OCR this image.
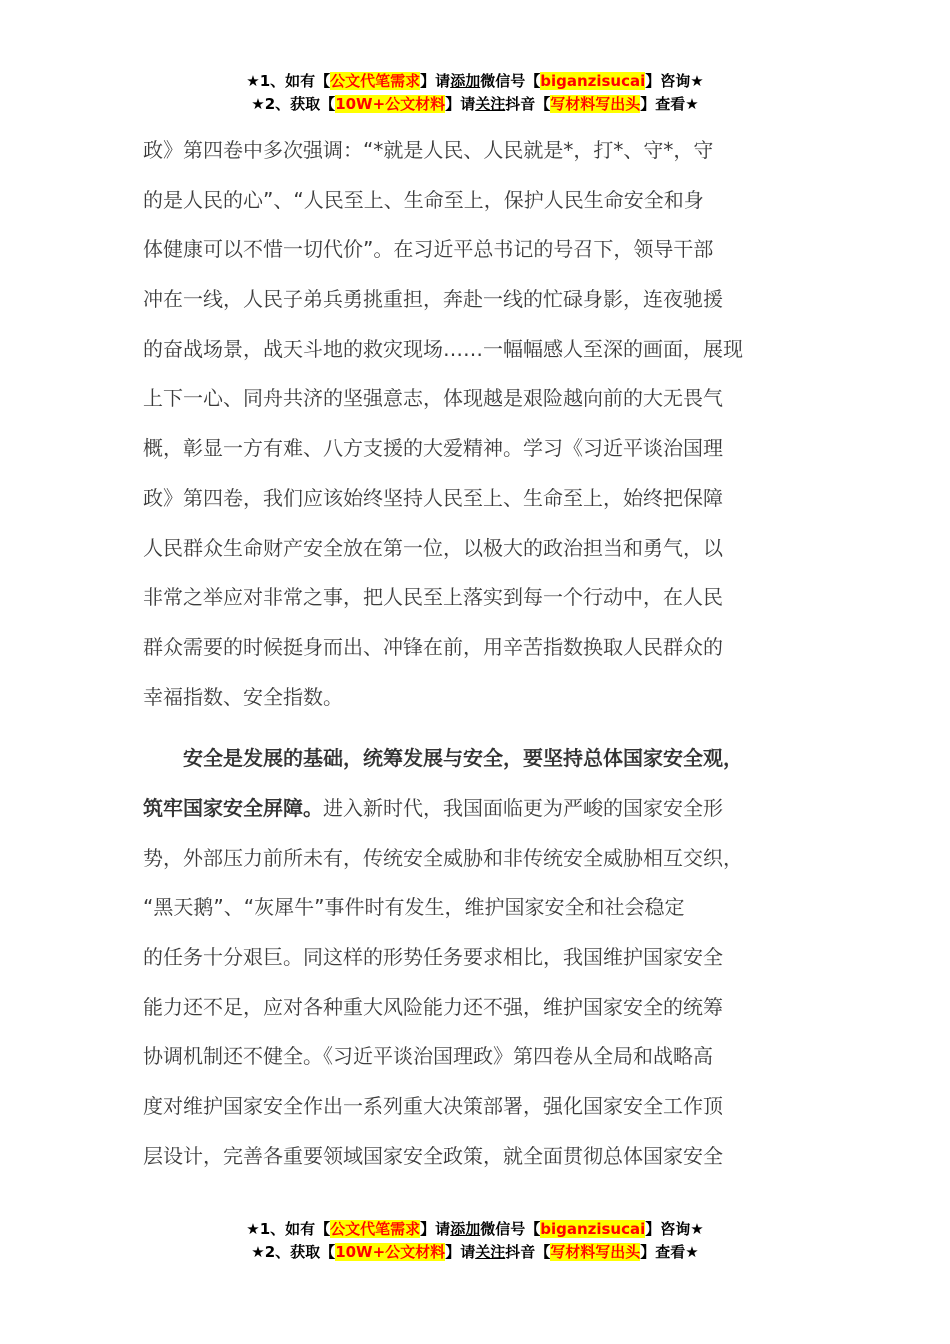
★1、如有【公文代笔需求】请添加微信号【biganzisucai】咨询★
★2、获取【10W+公文材料】请关注抖音【写材料写出头】查看★
政》第四卷中多次强调：“*就是人民、人民就是*，打*、守*，守
的是人民的心”、“人民至上、生命至上，保护人民生命安全和身
体健康可以不惜一切代价”。在习近平总书记的号召下，领导干部
冲在一线，人民子弟兵勇挑重担，奔赴一线的忙碌身影，连夜驰援
的奋战场景，战天斗地的救灾现场……一幅幅感人至深的画面，展现
上下一心、同舟共济的坚强意志，体现越是艰险越向前的大无畏气
概，彰显一方有难、八方支援的大爱精神。学习《习近平谈治国理
政》第四卷，我们应该始终坚持人民至上、生命至上，始终把保障
人民群众生命财产安全放在第一位，以极大的政治担当和勇气，以
非常之举应对非常之事，把人民至上落实到每一个行动中，在人民
群众需要的时候挺身而出、冲锋在前，用辛苦指数换取人民群众的
幸福指数、安全指数。
安全是发展的基础，统筹发展与安全，要坚持总体国家安全观，
筑牢国家安全屏障。进入新时代，我国面临更为严峻的国家安全形
势，外部压力前所未有，传统安全威胁和非传统安全威胁相互交织，
“黑天鹅”、“灰犀牛”事件时有发生，维护国家安全和社会稳定
的任务十分艰巨。同这样的形势任务要求相比，我国维护国家安全
能力还不足，应对各种重大风险能力还不强，维护国家安全的统筹
协调机制还不健全。《习近平谈治国理政》第四卷从全局和战略高
度对维护国家安全作出一系列重大决策部署，强化国家安全工作顶
层设计，完善各重要领域国家安全政策，就全面贯彻总体国家安全
★1、如有【公文代笔需求】请添加微信号【biganzisucai】咨询★
★2、获取【10W+公文材料】请关注抖音【写材料写出头】查看★
